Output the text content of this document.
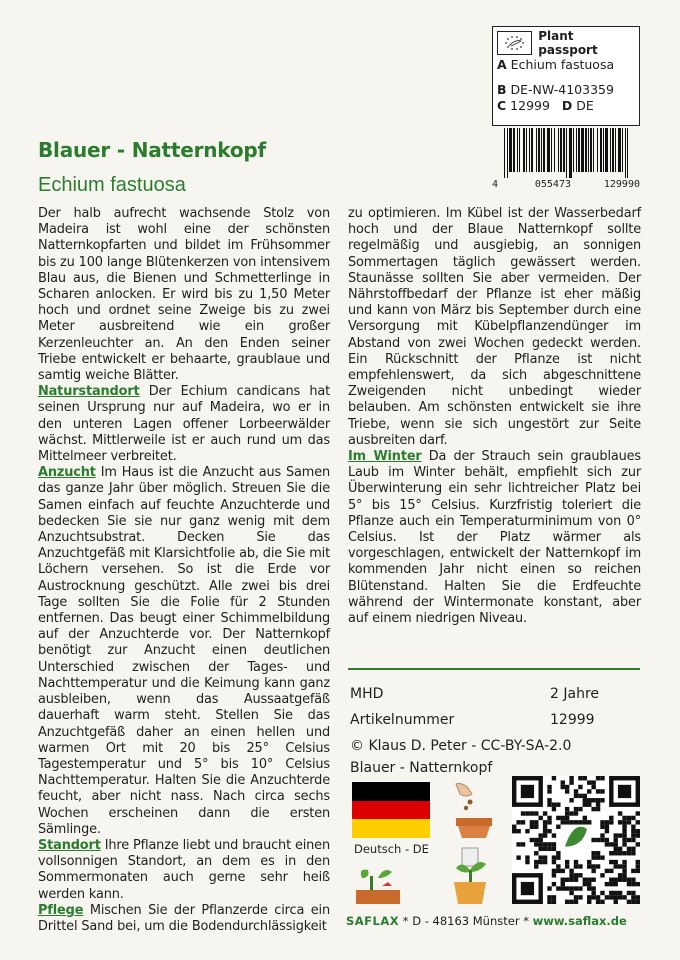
Plant passport
A Echium fastuosa
B DE-NW-4103359
C 12999 D DE
4	055473	129990
Blauer - Natternkopf
Echium fastuosa

Der halb aufrecht wachsende Stolz von Madeira ist wohl eine der schönsten Natternkopfarten und bildet im Frühsommer bis zu 100 lange Blütenkerzen von intensivem Blau aus, die Bienen und Schmetterlinge in Scharen anlocken. Er wird bis zu 1,50 Meter hoch und ordnet seine Zweige bis zu zwei Meter ausbreitend wie ein großer Kerzenleuchter an. An den Enden seiner Triebe entwickelt er behaarte, graublaue und samtig weiche Blätter.

Naturstandort Der Echium candicans hat seinen Ursprung nur auf Madeira, wo er in den unteren Lagen offener Lorbeerwälder wächst. Mittlerweile ist er auch rund um das Mittelmeer verbreitet.

Anzucht Im Haus ist die Anzucht aus Samen das ganze Jahr über möglich. Streuen Sie die Samen einfach auf feuchte Anzuchterde und bedecken Sie sie nur ganz wenig mit dem Anzuchtsubstrat. Decken Sie das Anzuchtgefäß mit Klarsichtfolie ab, die Sie mit Löchern versehen. So ist die Erde vor Austrocknung geschützt. Alle zwei bis drei Tage sollten Sie die Folie für 2 Stunden entfernen. Das beugt einer Schimmelbildung auf der Anzuchterde vor. Der Natternkopf benötigt zur Anzucht einen deutlichen Unterschied zwischen der Tages- und Nachttemperatur und die Keimung kann ganz ausbleiben, wenn das Aussaatgefäß dauerhaft warm steht. Stellen Sie das Anzuchtgefäß daher an einen hellen und warmen Ort mit 20 bis 25° Celsius Tagestemperatur und 5° bis 10° Celsius Nachttemperatur. Halten Sie die Anzuchterde feucht, aber nicht nass. Nach circa sechs Wochen erscheinen dann die ersten Sämlinge.

Standort Ihre Pflanze liebt und braucht einen vollsonnigen Standort, an dem es in den Sommermonaten auch gerne sehr heiß werden kann.

Pflege Mischen Sie der Pflanzerde circa ein Drittel Sand bei, um die Bodendurchlässigkeit

zu optimieren. Im Kübel ist der Wasserbedarf hoch und der Blaue Natternkopf sollte regelmäßig und ausgiebig, an sonnigen Sommertagen täglich gewässert werden. Staunässe sollten Sie aber vermeiden. Der Nährstoffbedarf der Pflanze ist eher mäßig und kann von März bis September durch eine Versorgung mit Kübelpflanzendünger im Abstand von zwei Wochen gedeckt werden. Ein Rückschnitt der Pflanze ist nicht empfehlenswert, da sich abgeschnittene Zweigenden nicht unbedingt wieder belauben. Am schönsten entwickelt sie ihre Triebe, wenn sie sich ungestört zur Seite ausbreiten darf.

Im Winter Da der Strauch sein graublaues Laub im Winter behält, empfiehlt sich zur Überwinterung ein sehr lichtreicher Platz bei 5° bis 15° Celsius. Kurzfristig toleriert die Pflanze auch ein Temperaturminimum von 0° Celsius. Ist der Platz wärmer als vorgeschlagen, entwickelt der Natternkopf im kommenden Jahr nicht einen so reichen Blütenstand. Halten Sie die Erdfeuchte während der Wintermonate konstant, aber auf einem niedrigen Niveau.

MHD	2 Jahre
Artikelnummer	12999
© Klaus D. Peter - CC-BY-SA-2.0
Blauer - Natternkopf
Deutsch - DE
SAFLAX * D - 48163 Münster * www.saflax.de
